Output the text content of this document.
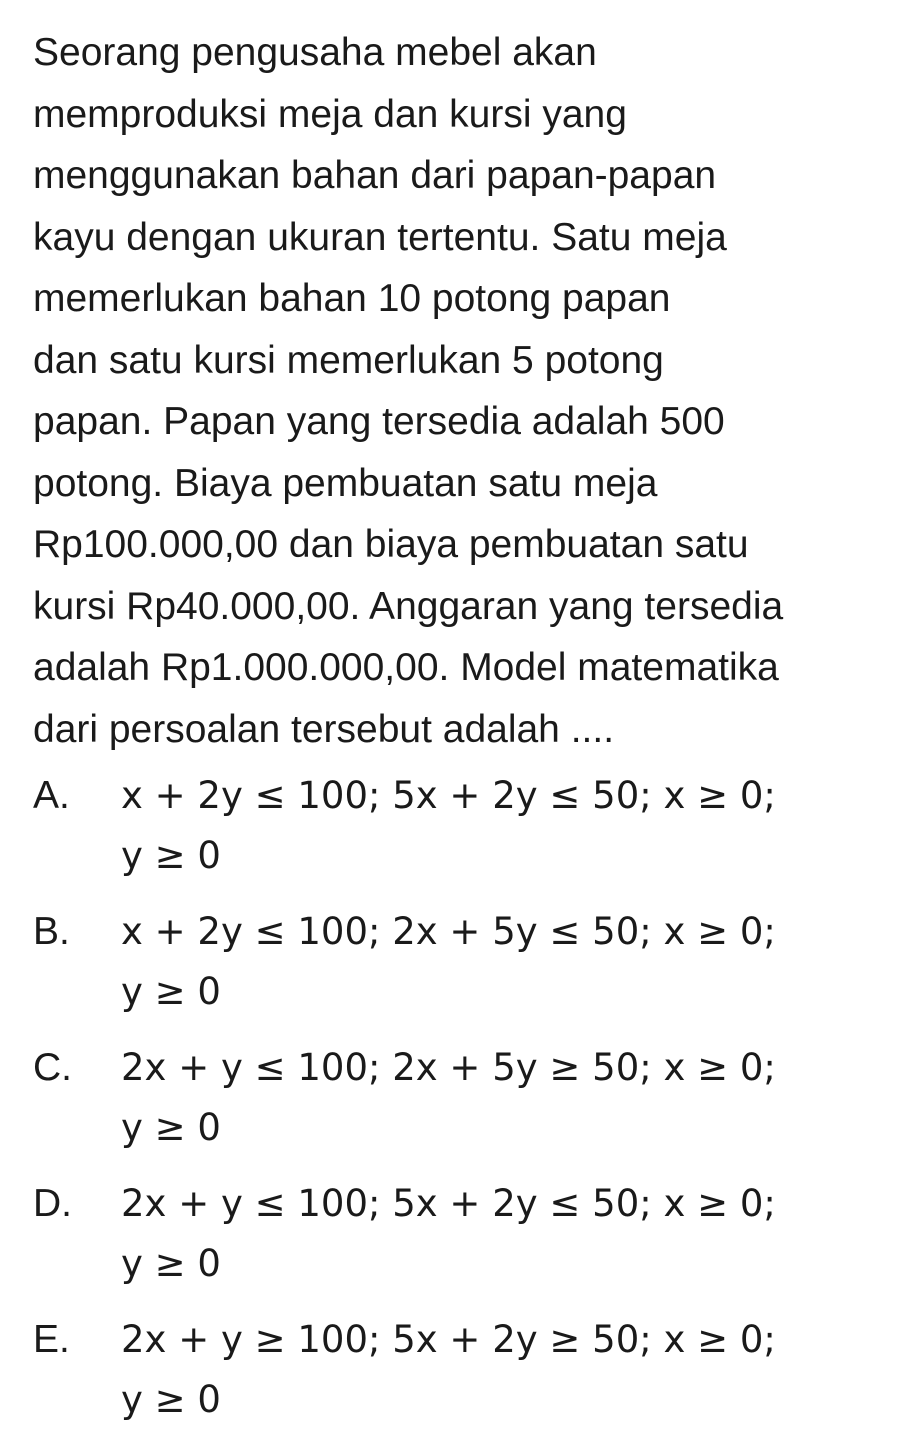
Seorang pengusaha mebel akan
memproduksi meja dan kursi yang
menggunakan bahan dari papan-papan
kayu dengan ukuran tertentu. Satu meja
memerlukan bahan 10 potong papan
dan satu kursi memerlukan 5 potong
papan. Papan yang tersedia adalah 500
potong. Biaya pembuatan satu meja
Rp100.000,00 dan biaya pembuatan satu
kursi Rp40.000,00. Anggaran yang tersedia
adalah Rp1.000.000,00. Model matematika
dari persoalan tersebut adalah ....
A. x + 2y ≤ 100; 5x + 2y ≤ 50; x ≥ 0;
y ≥ 0
B. x + 2y ≤ 100; 2x + 5y ≤ 50; x ≥ 0;
y ≥ 0
C. 2x + y ≤ 100; 2x + 5y ≥ 50; x ≥ 0;
y ≥ 0
D. 2x + y ≤ 100; 5x + 2y ≤ 50; x ≥ 0;
y ≥ 0
E. 2x + y ≥ 100; 5x + 2y ≥ 50; x ≥ 0;
y ≥ 0
